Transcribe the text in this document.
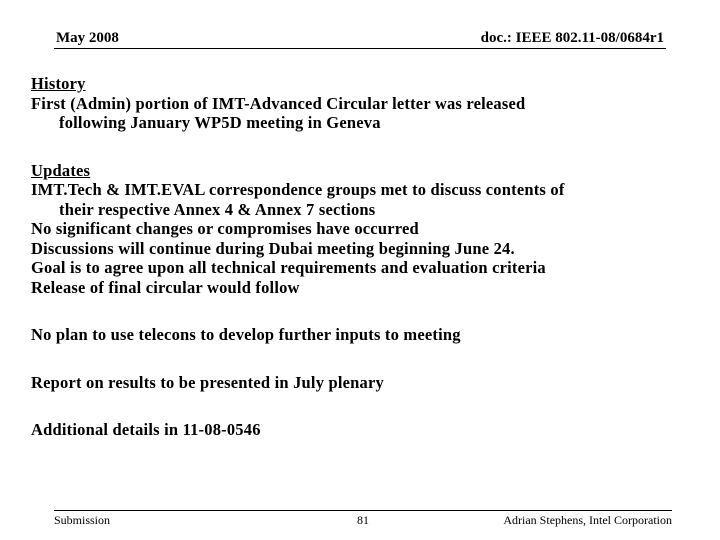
May 2008	doc.: IEEE 802.11-08/0684r1
History
First (Admin) portion of IMT-Advanced Circular letter was released
following January WP5D meeting in Geneva
Updates
IMT.Tech & IMT.EVAL correspondence groups met to discuss contents of
their respective Annex 4 & Annex 7 sections
No significant changes or compromises have occurred
Discussions will continue during Dubai meeting beginning June 24.
Goal is to agree upon all technical requirements and evaluation criteria
Release of final circular would follow
No plan to use telecons to develop further inputs to meeting
Report on results to be presented in July plenary
Additional details in 11-08-0546
Submission	81	Adrian Stephens, Intel Corporation
